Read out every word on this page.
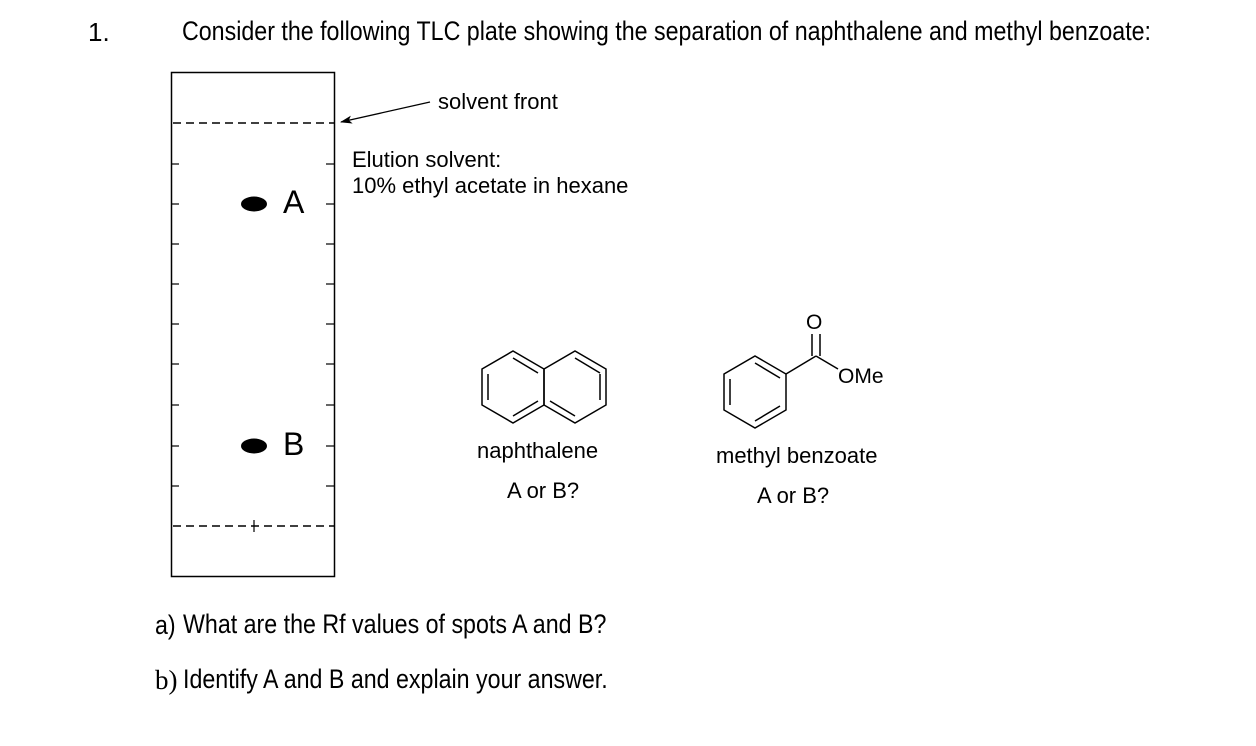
1.	Consider the following TLC plate showing the separation of naphthalene and methyl benzoate:
solvent front
Elution solvent:
10% ethyl acetate in hexane
A
B	naphthalene
A or B?
O
OMe
methyl benzoate
A or B?
a) What are the Rf values of spots A and B?
b) Identify A and B and explain your answer.
